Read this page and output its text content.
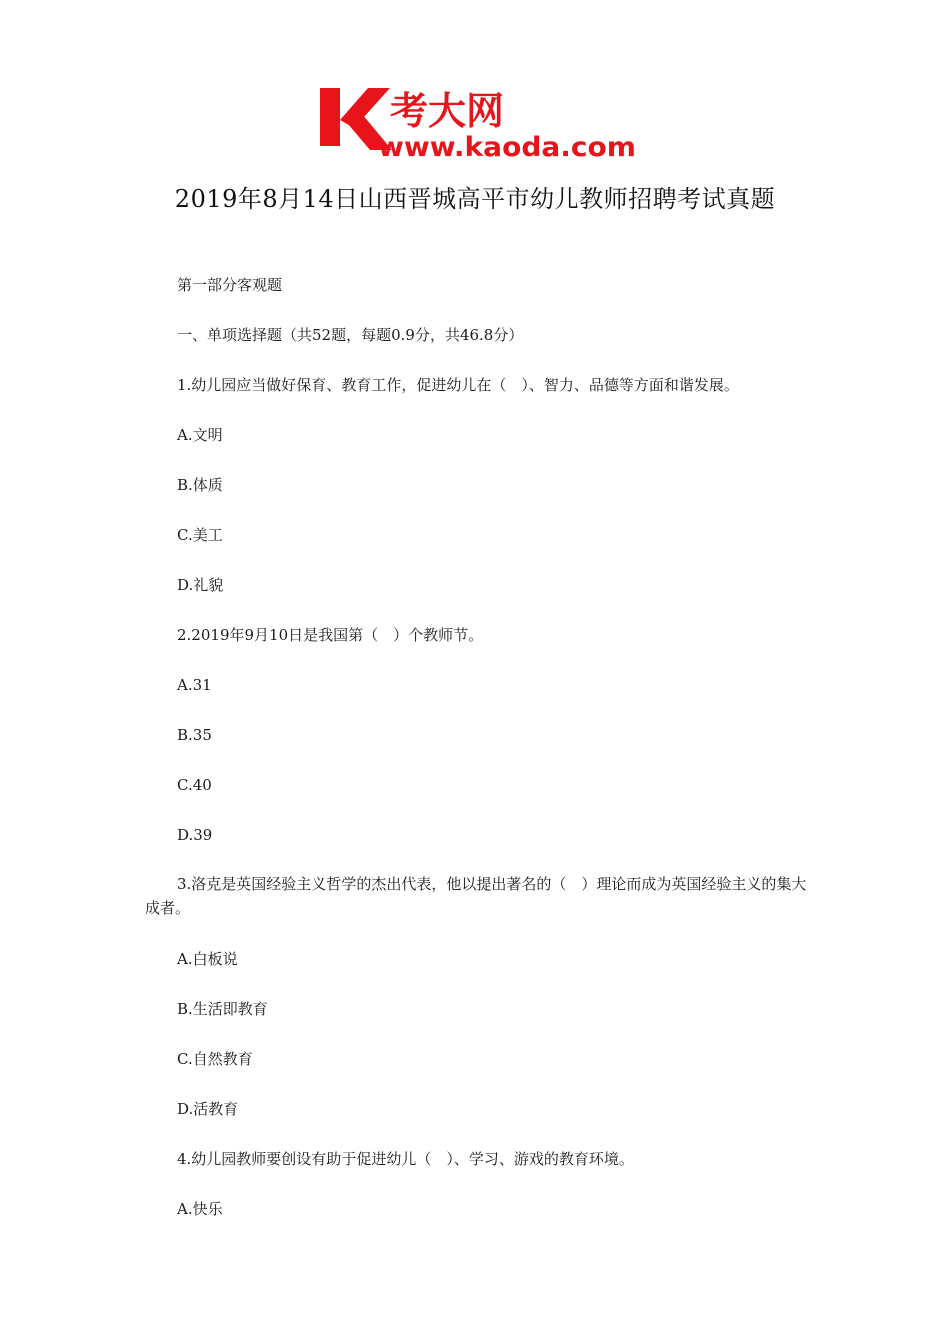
考大网
www.kaoda.com
2019年8月14日山西晋城高平市幼儿教师招聘考试真题

第一部分客观题

一、单项选择题（共52题，每题0.9分，共46.8分）

1.幼儿园应当做好保育、教育工作，促进幼儿在（　）、智力、品德等方面和谐发展。

A.文明

B.体质

C.美工

D.礼貌

2.2019年9月10日是我国第（　）个教师节。

A.31

B.35

C.40

D.39

3.洛克是英国经验主义哲学的杰出代表，他以提出著名的（　）理论而成为英国经验主义的集大成者。

A.白板说

B.生活即教育

C.自然教育

D.活教育

4.幼儿园教师要创设有助于促进幼儿（　）、学习、游戏的教育环境。

A.快乐
